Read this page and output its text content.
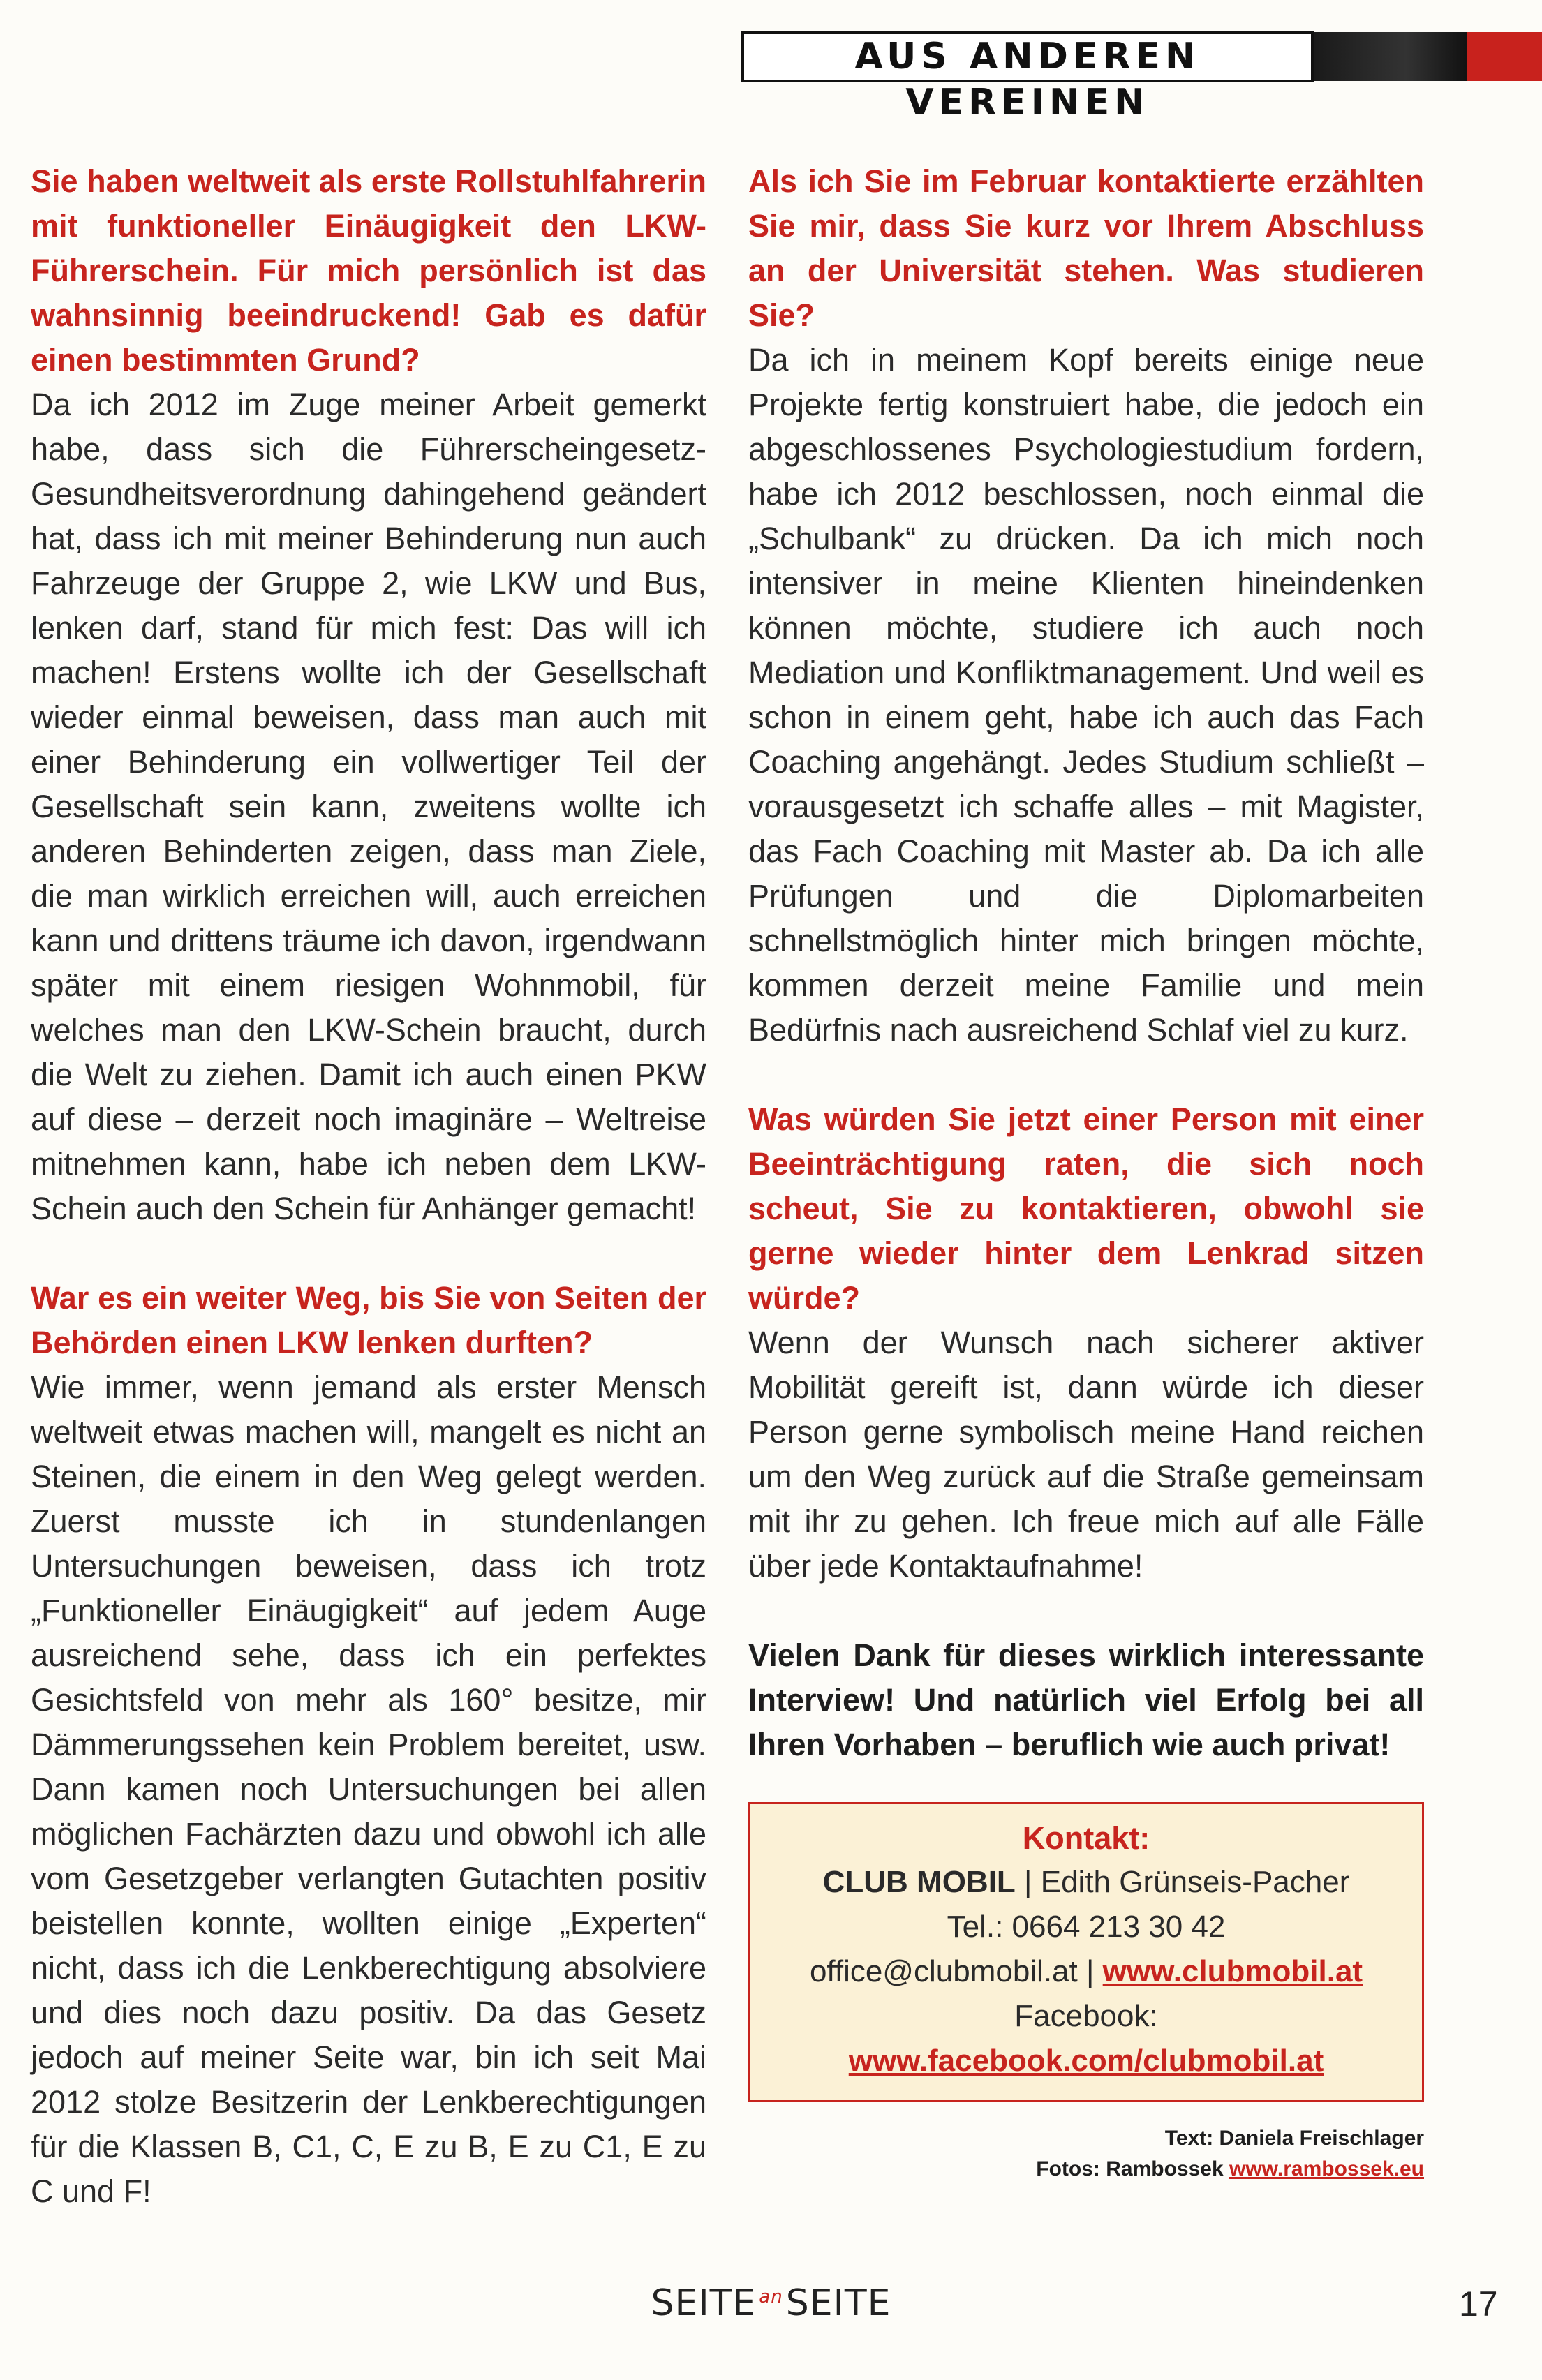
AUS ANDEREN VEREINEN

Sie haben weltweit als erste Rollstuhlfahrerin mit funktioneller Einäugigkeit den LKW-Führerschein. Für mich persönlich ist das wahnsinnig beeindruckend! Gab es dafür einen bestimmten Grund?

Da ich 2012 im Zuge meiner Arbeit gemerkt habe, dass sich die Führerscheingesetz-Gesundheitsverordnung dahingehend geändert hat, dass ich mit meiner Behinderung nun auch Fahrzeuge der Gruppe 2, wie LKW und Bus, lenken darf, stand für mich fest: Das will ich machen! Erstens wollte ich der Gesellschaft wieder einmal beweisen, dass man auch mit einer Behinderung ein vollwertiger Teil der Gesellschaft sein kann, zweitens wollte ich anderen Behinderten zeigen, dass man Ziele, die man wirklich erreichen will, auch erreichen kann und drittens träume ich davon, irgendwann später mit einem riesigen Wohnmobil, für welches man den LKW-Schein braucht, durch die Welt zu ziehen. Damit ich auch einen PKW auf diese – derzeit noch imaginäre – Weltreise mitnehmen kann, habe ich neben dem LKW-Schein auch den Schein für Anhänger gemacht!

War es ein weiter Weg, bis Sie von Seiten der Behörden einen LKW lenken durften?

Wie immer, wenn jemand als erster Mensch weltweit etwas machen will, mangelt es nicht an Steinen, die einem in den Weg gelegt werden. Zuerst musste ich in stundenlangen Untersuchungen beweisen, dass ich trotz „Funktioneller Einäugigkeit“ auf jedem Auge ausreichend sehe, dass ich ein perfektes Gesichtsfeld von mehr als 160° besitze, mir Dämmerungssehen kein Problem bereitet, usw. Dann kamen noch Untersuchungen bei allen möglichen Fachärzten dazu und obwohl ich alle vom Gesetzgeber verlangten Gutachten positiv beistellen konnte, wollten einige „Experten“ nicht, dass ich die Lenkberechtigung absolviere und dies noch dazu positiv. Da das Gesetz jedoch auf meiner Seite war, bin ich seit Mai 2012 stolze Besitzerin der Lenkberechtigungen für die Klassen B, C1, C, E zu B, E zu C1, E zu C und F!

Als ich Sie im Februar kontaktierte erzählten Sie mir, dass Sie kurz vor Ihrem Abschluss an der Universität stehen. Was studieren Sie?

Da ich in meinem Kopf bereits einige neue Projekte fertig konstruiert habe, die jedoch ein abgeschlossenes Psychologiestudium fordern, habe ich 2012 beschlossen, noch einmal die „Schulbank“ zu drücken. Da ich mich noch intensiver in meine Klienten hineindenken können möchte, studiere ich auch noch Mediation und Konfliktmanagement. Und weil es schon in einem geht, habe ich auch das Fach Coaching angehängt. Jedes Studium schließt – vorausgesetzt ich schaffe alles – mit Magister, das Fach Coaching mit Master ab. Da ich alle Prüfungen und die Diplomarbeiten schnellstmöglich hinter mich bringen möchte, kommen derzeit meine Familie und mein Bedürfnis nach ausreichend Schlaf viel zu kurz.

Was würden Sie jetzt einer Person mit einer Beeinträchtigung raten, die sich noch scheut, Sie zu kontaktieren, obwohl sie gerne wieder hinter dem Lenkrad sitzen würde?

Wenn der Wunsch nach sicherer aktiver Mobilität gereift ist, dann würde ich dieser Person gerne symbolisch meine Hand reichen um den Weg zurück auf die Straße gemeinsam mit ihr zu gehen. Ich freue mich auf alle Fälle über jede Kontaktaufnahme!

Vielen Dank für dieses wirklich interessante Interview! Und natürlich viel Erfolg bei all Ihren Vorhaben – beruflich wie auch privat!

Kontakt:
CLUB MOBIL | Edith Grünseis-Pacher
Tel.: 0664 213 30 42
office@clubmobil.at | www.clubmobil.at
Facebook:
www.facebook.com/clubmobil.at
Text: Daniela Freischlager
Fotos: Rambossek www.rambossek.eu
SEITE $^{an}$SEITE	17
